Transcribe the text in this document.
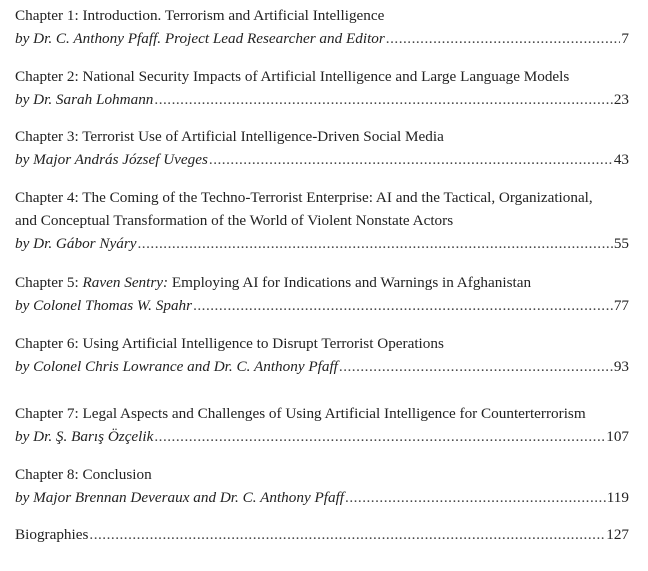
Chapter 1: Introduction. Terrorism and Artificial Intelligence
by Dr. C. Anthony Pfaff. Project Lead Researcher and Editor .....	7
Chapter 2: National Security Impacts of Artificial Intelligence and Large Language Models
by Dr. Sarah Lohmann .....	23
Chapter 3: Terrorist Use of Artificial Intelligence-Driven Social Media
by Major András József Uveges .....	43
Chapter 4: The Coming of the Techno-Terrorist Enterprise: AI and the Tactical, Organizational,
and Conceptual Transformation of the World of Violent Nonstate Actors
by Dr. Gábor Nyáry .....	55
Chapter 5: Raven Sentry: Employing AI for Indications and Warnings in Afghanistan
by Colonel Thomas W. Spahr .....	77
Chapter 6: Using Artificial Intelligence to Disrupt Terrorist Operations
by Colonel Chris Lowrance and Dr. C. Anthony Pfaff .....	93
Chapter 7: Legal Aspects and Challenges of Using Artificial Intelligence for Counterterrorism
by Dr. Ş. Barış Özçelik .....	107
Chapter 8: Conclusion
by Major Brennan Deveraux and Dr. C. Anthony Pfaff .....	119
Biographies .....	127
